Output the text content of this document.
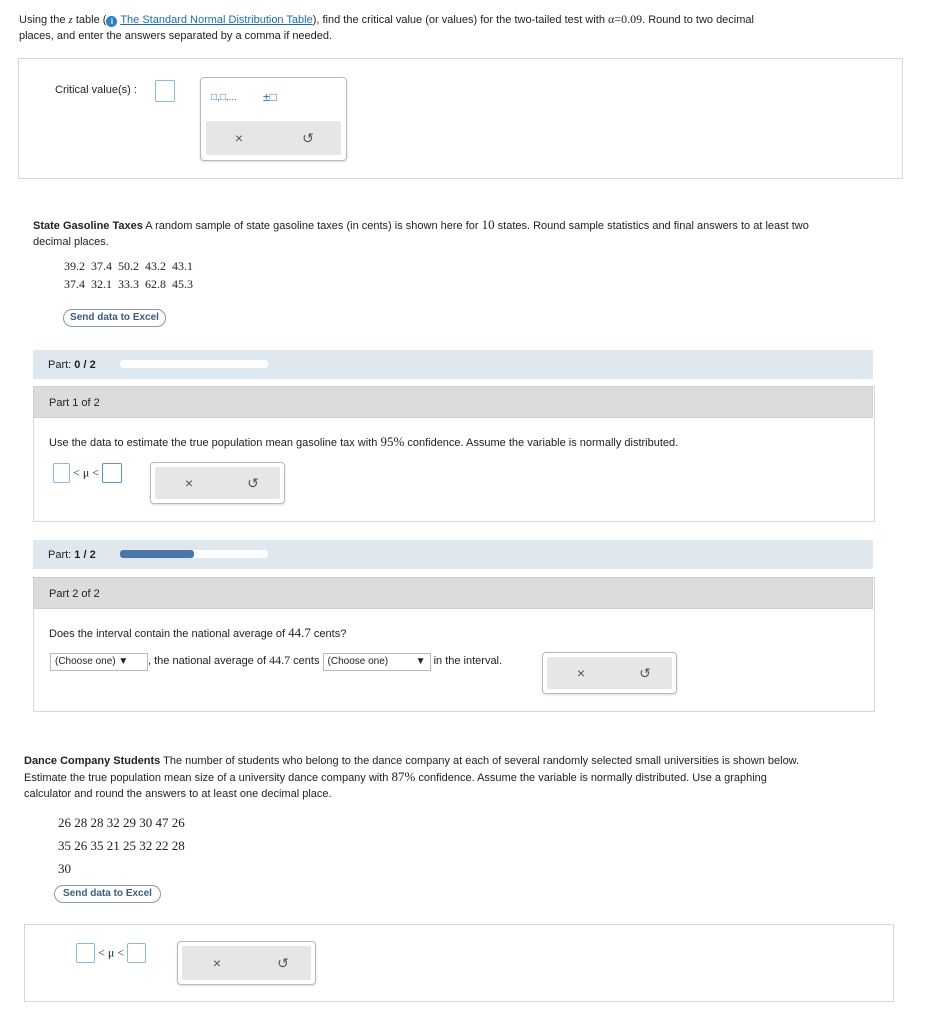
Using the z table ( i The Standard Normal Distribution Table), find the critical value (or values) for the two-tailed test with α=0.09. Round to two decimal
places, and enter the answers separated by a comma if needed.
Critical value(s) :
□,□,... ±□
×	↺
State Gasoline Taxes A random sample of state gasoline taxes (in cents) is shown here for 10 states. Round sample statistics and final answers to at least two
decimal places.
39.2 37.4 50.2 43.2 43.1
37.4 32.1 33.3 62.8 45.3
Send data to Excel
Part: 0 / 2
Part 1 of 2
Use the data to estimate the true population mean gasoline tax with 95% confidence. Assume the variable is normally distributed.
< μ <
×	↺
Part: 1 / 2
Part 2 of 2
Does the interval contain the national average of 44.7 cents?
(Choose one) ▼ , the national average of 44.7 cents (Choose one)	▼ in the interval.
×	↺
Dance Company Students The number of students who belong to the dance company at each of several randomly selected small universities is shown below.
Estimate the true population mean size of a university dance company with 87% confidence. Assume the variable is normally distributed. Use a graphing
calculator and round the answers to at least one decimal place.
26 28 28 32 29 30 47 26
35 26 35 21 25 32 22 28
30
Send data to Excel
< μ <
×	↺
